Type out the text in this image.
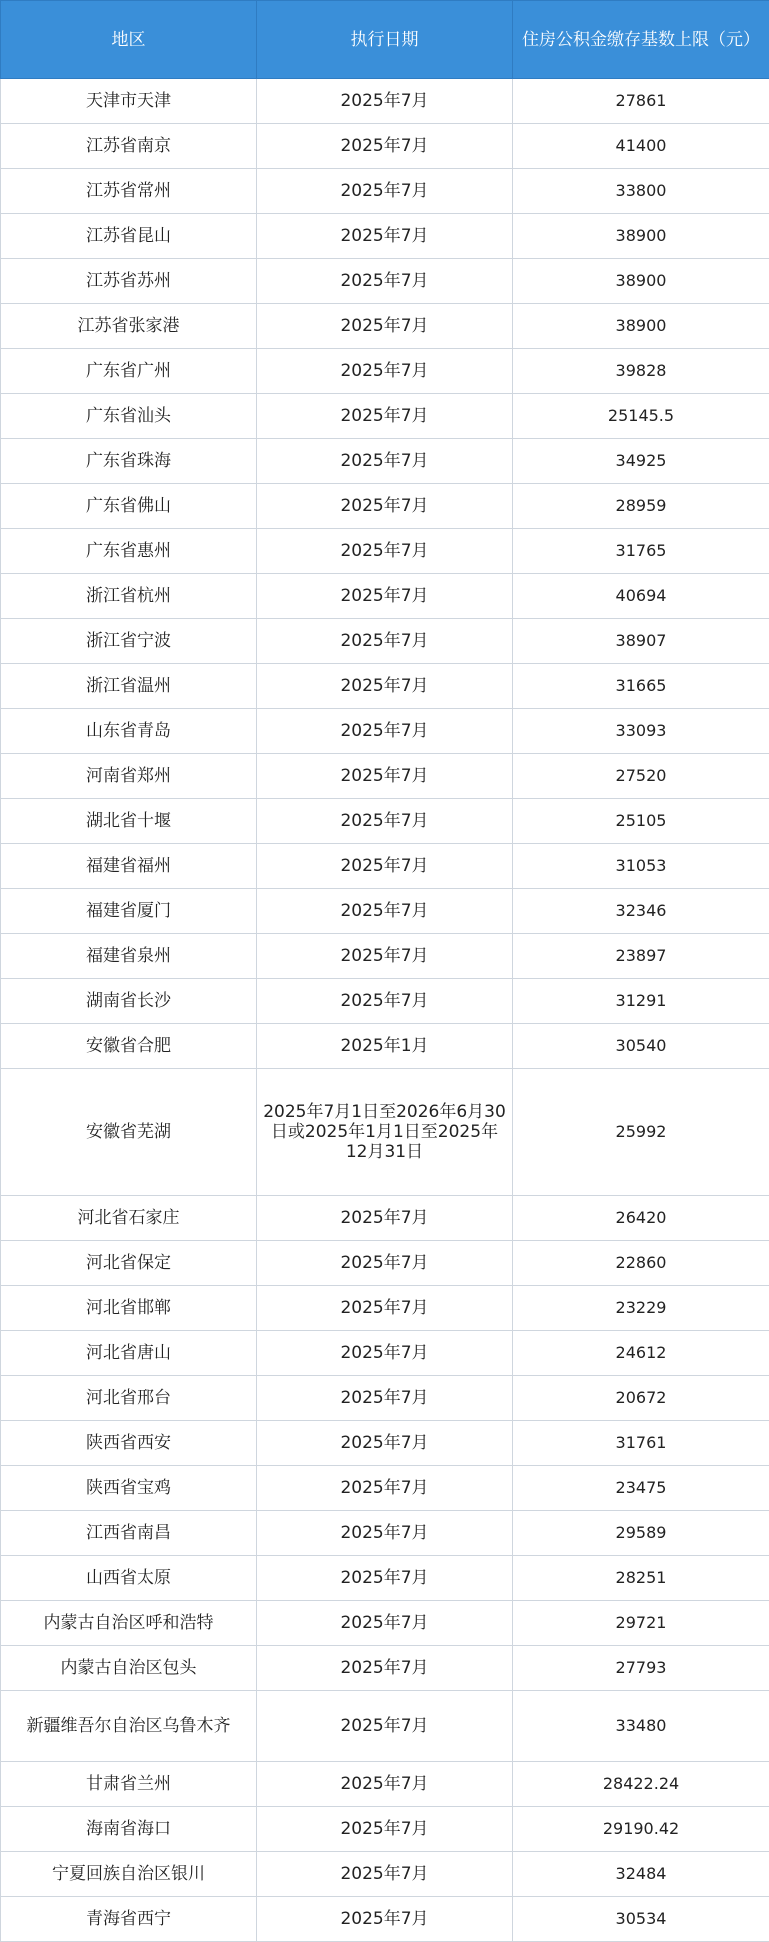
地区	执行日期	住房公积金缴存基数上限（元）
天津市天津	2025年7月	27861
江苏省南京	2025年7月	41400
江苏省常州	2025年7月	33800
江苏省昆山	2025年7月	38900
江苏省苏州	2025年7月	38900
江苏省张家港	2025年7月	38900
广东省广州	2025年7月	39828
广东省汕头	2025年7月	25145.5
广东省珠海	2025年7月	34925
广东省佛山	2025年7月	28959
广东省惠州	2025年7月	31765
浙江省杭州	2025年7月	40694
浙江省宁波	2025年7月	38907
浙江省温州	2025年7月	31665
山东省青岛	2025年7月	33093
河南省郑州	2025年7月	27520
湖北省十堰	2025年7月	25105
福建省福州	2025年7月	31053
福建省厦门	2025年7月	32346
福建省泉州	2025年7月	23897
湖南省长沙	2025年7月	31291
安徽省合肥	2025年1月	30540
安徽省芜湖	2025年7月1日至2026年6月30日或2025年1月1日至2025年12月31日	25992
河北省石家庄	2025年7月	26420
河北省保定	2025年7月	22860
河北省邯郸	2025年7月	23229
河北省唐山	2025年7月	24612
河北省邢台	2025年7月	20672
陕西省西安	2025年7月	31761
陕西省宝鸡	2025年7月	23475
江西省南昌	2025年7月	29589
山西省太原	2025年7月	28251
内蒙古自治区呼和浩特	2025年7月	29721
内蒙古自治区包头	2025年7月	27793
新疆维吾尔自治区乌鲁木齐	2025年7月	33480
甘肃省兰州	2025年7月	28422.24
海南省海口	2025年7月	29190.42
宁夏回族自治区银川	2025年7月	32484
青海省西宁	2025年7月	30534
